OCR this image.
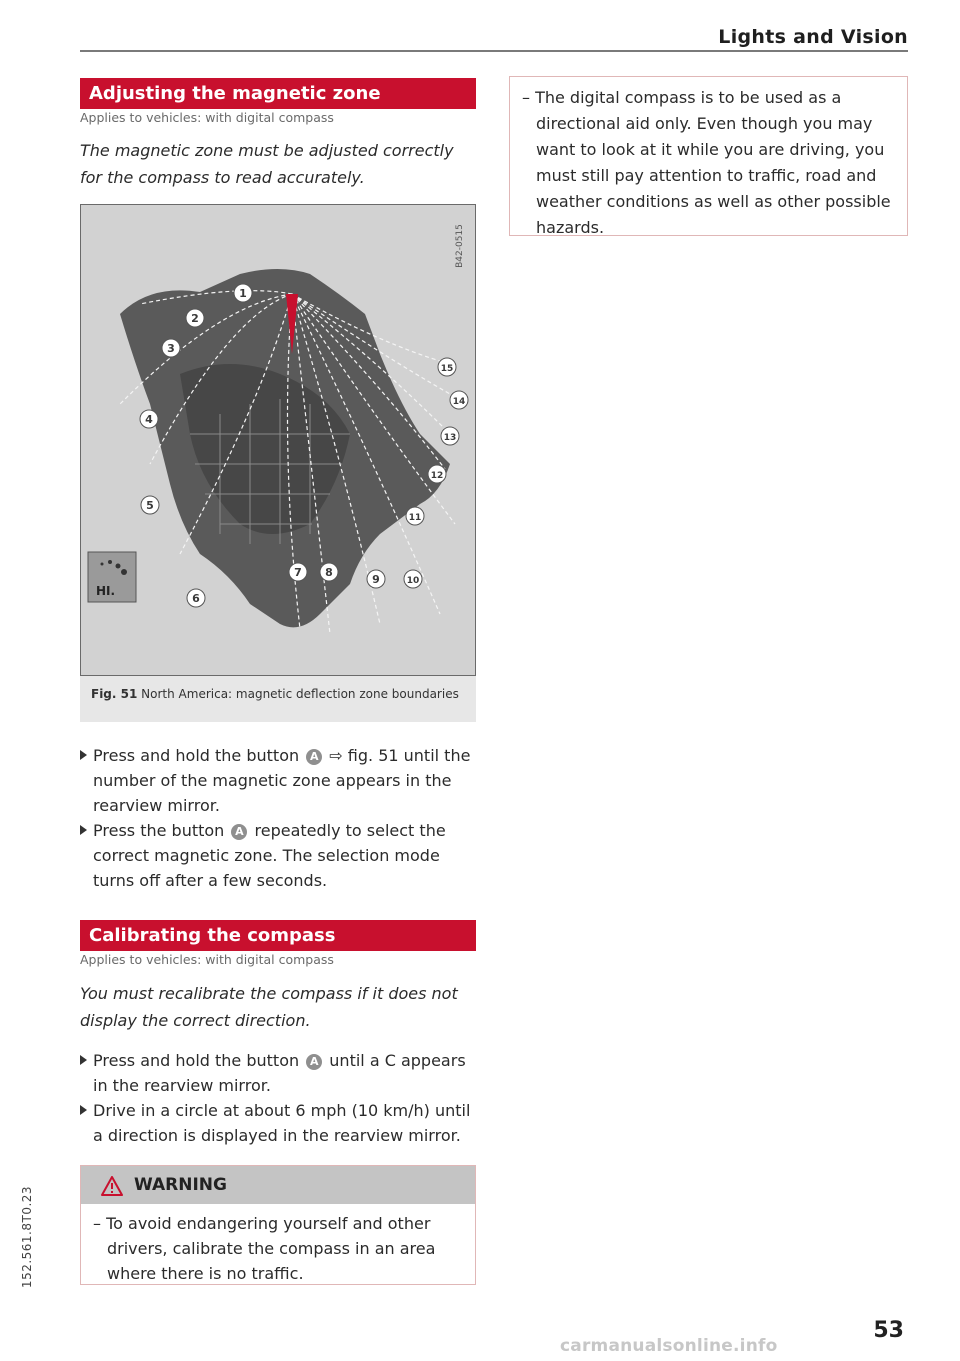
Lights and Vision
Adjusting the magnetic zone
Applies to vehicles: with digital compass
The magnetic zone must be adjusted correctly for the compass to read accurately.
1
2
3
4
5
6
7 8
9	10
11
12
13
14
15
HI.
B42-0515
Fig. 51 North America: magnetic deflection zone boundaries
Press and hold the button A ⇨ fig. 51 until the number of the magnetic zone appears in the rearview mirror.
Press the button A repeatedly to select the correct magnetic zone. The selection mode turns off after a few seconds.
Calibrating the compass
Applies to vehicles: with digital compass
You must recalibrate the compass if it does not display the correct direction.
Press and hold the button A until a C appears in the rearview mirror.
Drive in a circle at about 6 mph (10 km/h) until a direction is displayed in the rearview mirror.
WARNING
– To avoid endangering yourself and other drivers, calibrate the compass in an area where there is no traffic.
– The digital compass is to be used as a directional aid only. Even though you may want to look at it while you are driving, you must still pay attention to traffic, road and weather conditions as well as other possible hazards.
53
152.561.8T0.23
carmanualsonline.info
